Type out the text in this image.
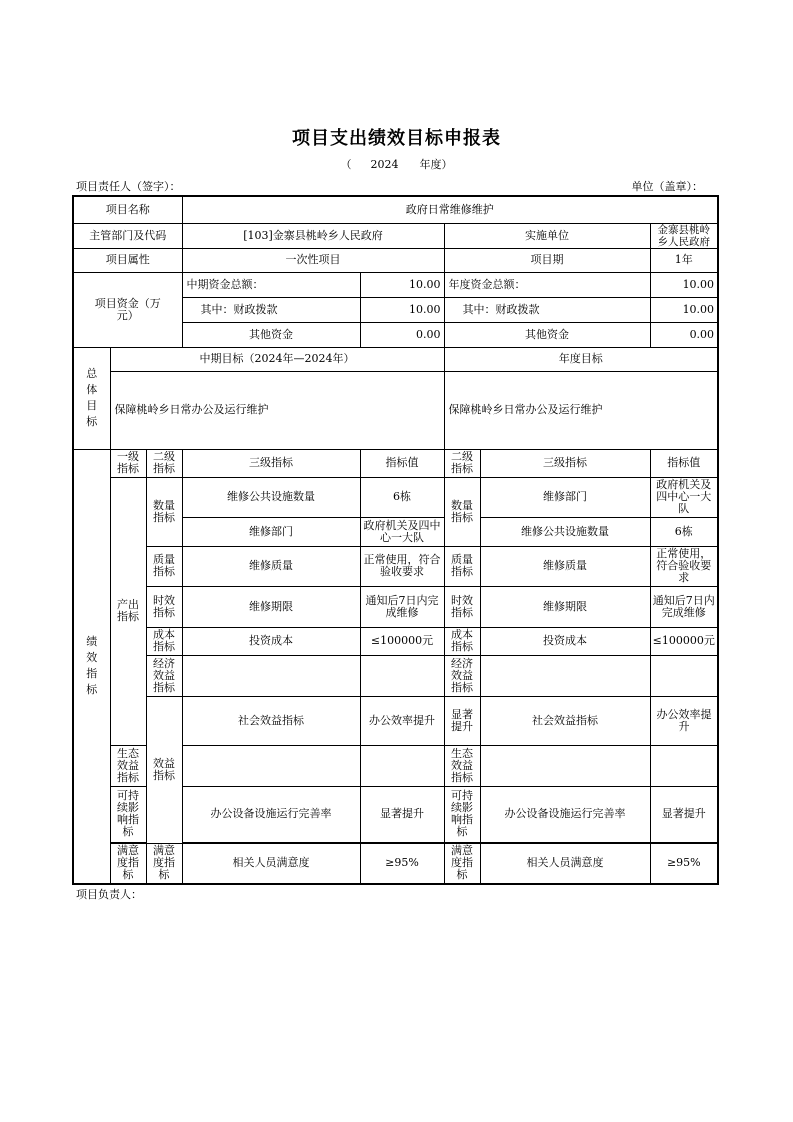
项目支出绩效目标申报表
（ 2024 年度）
项目责任人（签字）：	单位（盖章）：
项目名称			政府日常维修维护					
主管部门及代码			[103]金寨县桃岭乡人民政府		实施单位		金寨县桃岭乡人民政府	
项目属性			一次性项目		项目期		1年	
项目资金（万元）			中期资金总额：	10.00	年度资金总额：		10.00	
			其中：财政拨款	10.00	其中：财政拨款		10.00	
			其他资金	0.00	其他资金		0.00	
总体目标	中期目标（2024年—2024年）				年度目标			
	保障桃岭乡日常办公及运行维护				保障桃岭乡日常办公及运行维护			
绩效指标	一级指标	二级指标	三级指标	指标值	二级指标	三级指标	指标值	
	产出指标	数量指标	维修公共设施数量	6栋	数量指标	维修部门	政府机关及四中心一大队	
			维修部门	政府机关及四中心一大队		维修公共设施数量	6栋	
		质量指标	维修质量	正常使用，符合验收要求	质量指标	维修质量	正常使用，符合验收要求	
		时效指标	维修期限	通知后7日内完成维修	时效指标	维修期限	通知后7日内完成维修	
		成本指标	投资成本	≤100000元	成本指标	投资成本	≤100000元	
		经济效益指标			经济效益指标			
		效益指标	社会效益指标	办公效率提升	显著提升	社会效益指标	办公效率提升	
	生态效益指标				生态效益指标			
	可持续影响指标		办公设备设施运行完善率	显著提升	可持续影响指标	办公设备设施运行完善率	显著提升	

	满意度指标	满意度指标	相关人员满意度	≥95%	满意度指标	相关人员满意度	≥95%	
项目负责人：
